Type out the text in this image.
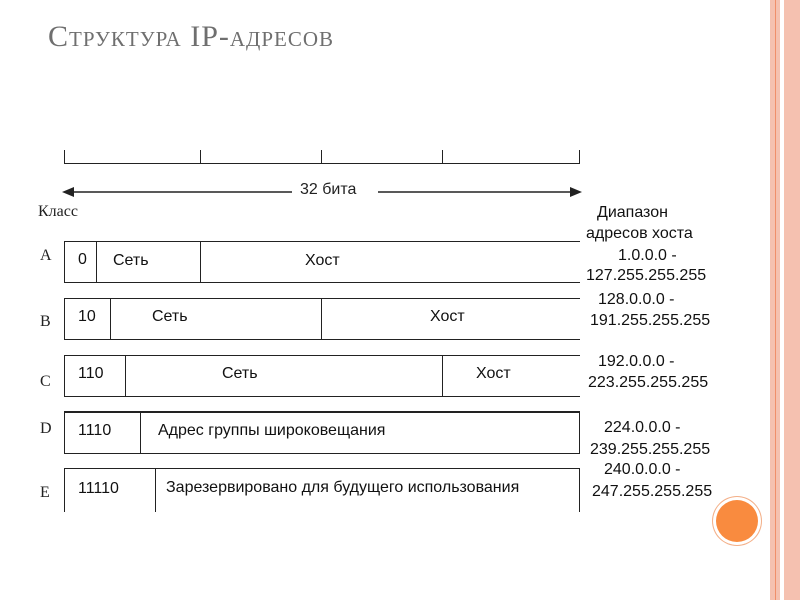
Структура IP-адресов
32 бита
Класс	Диапазон
адресов хоста
A 0 Сеть	Хост	1.0.0.0 -
127.255.255.255
B 10	Сеть	Хост
128.0.0.0 -
191.255.255.255
C 110	Сеть	Хост
192.0.0.0 -
223.255.255.255
D 1110	Адрес группы широковещания	224.0.0.0 -
239.255.255.255
E 11110	Зарезервировано для будущего использования
240.0.0.0 -
247.255.255.255
